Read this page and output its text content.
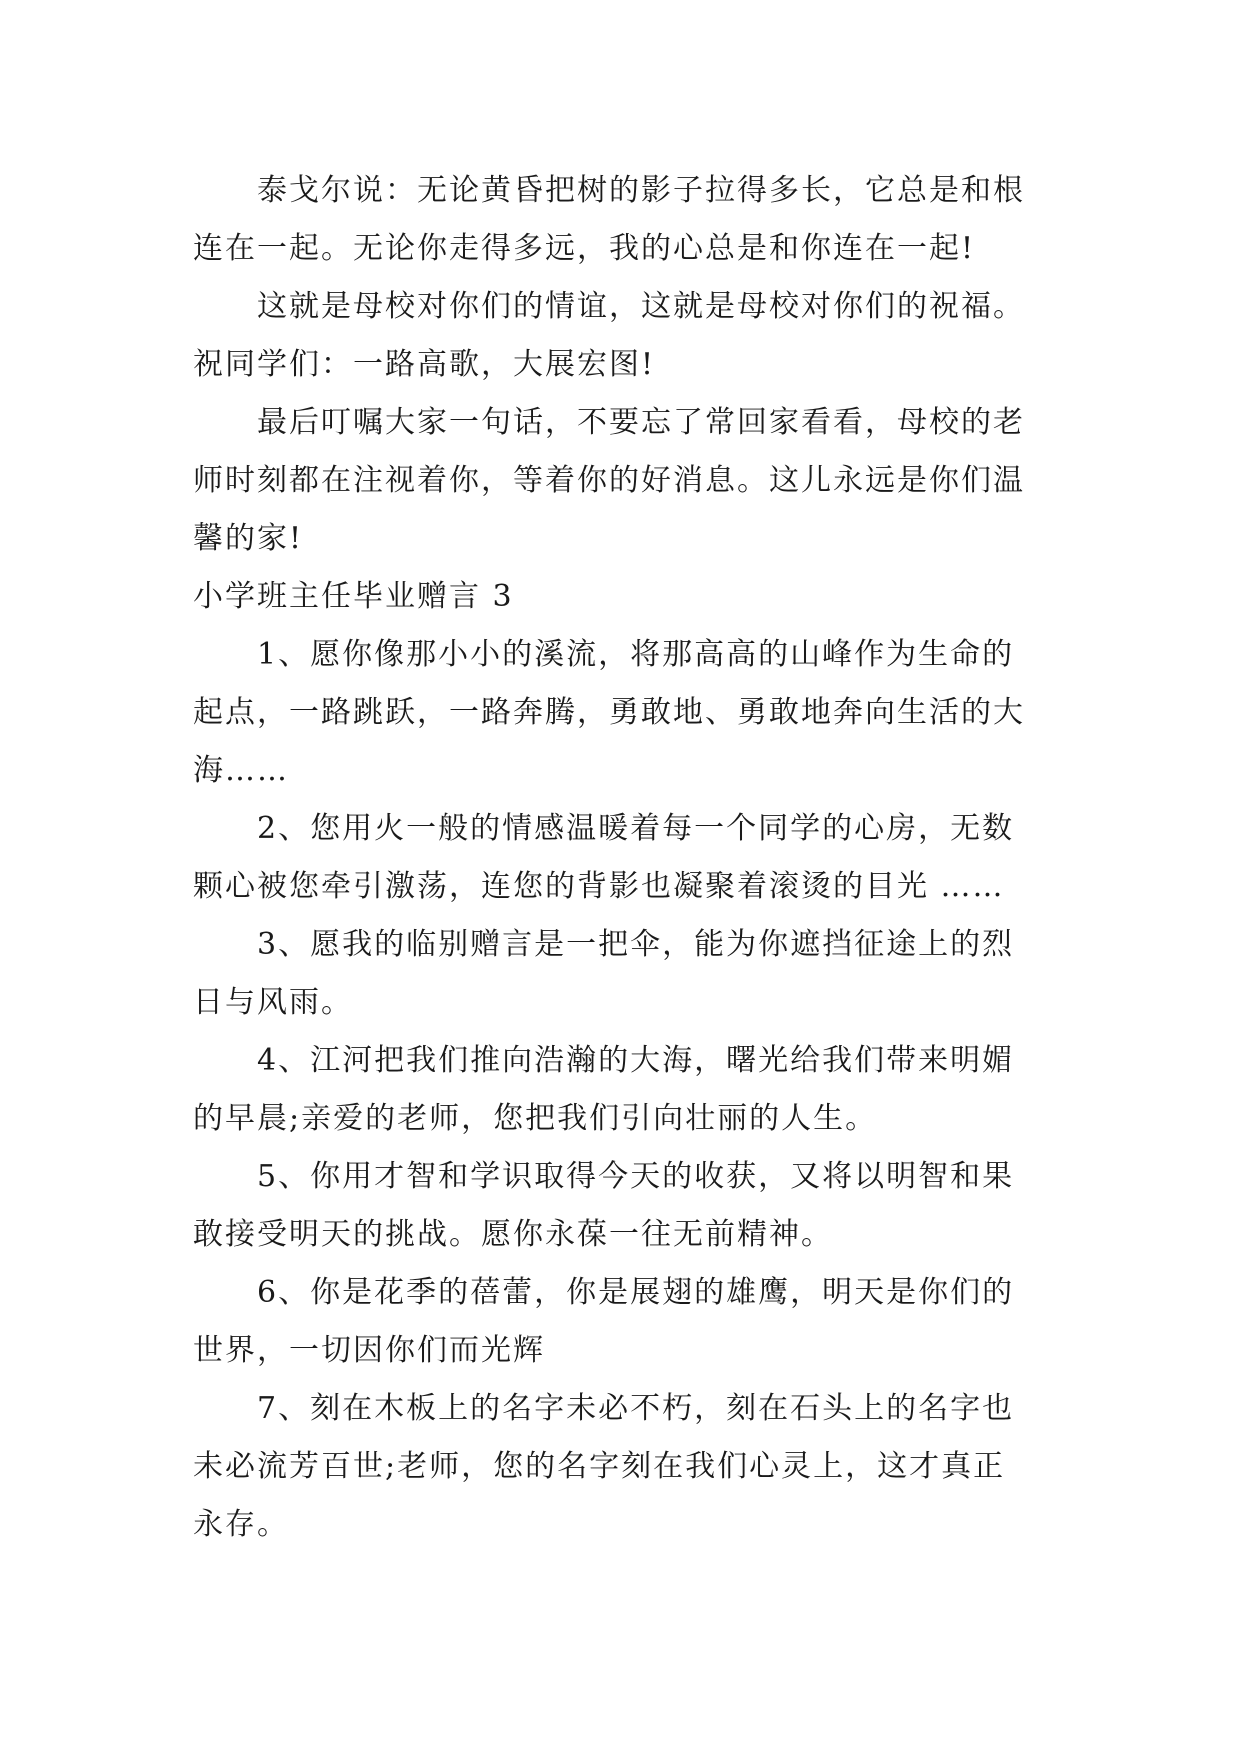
泰戈尔说：无论黄昏把树的影子拉得多长，它总是和根
连在一起。无论你走得多远，我的心总是和你连在一起!
这就是母校对你们的情谊，这就是母校对你们的祝福。
祝同学们：一路高歌，大展宏图!
最后叮嘱大家一句话，不要忘了常回家看看，母校的老
师时刻都在注视着你，等着你的好消息。这儿永远是你们温
馨的家!
小学班主任毕业赠言 3
1、愿你像那小小的溪流，将那高高的山峰作为生命的
起点，一路跳跃，一路奔腾，勇敢地、勇敢地奔向生活的大
海……
2、您用火一般的情感温暖着每一个同学的心房，无数
颗心被您牵引激荡，连您的背影也凝聚着滚烫的目光 ……
3、愿我的临别赠言是一把伞，能为你遮挡征途上的烈
日与风雨。
4、江河把我们推向浩瀚的大海，曙光给我们带来明媚
的早晨;亲爱的老师，您把我们引向壮丽的人生。
5、你用才智和学识取得今天的收获，又将以明智和果
敢接受明天的挑战。愿你永葆一往无前精神。
6、你是花季的蓓蕾，你是展翅的雄鹰，明天是你们的
世界，一切因你们而光辉
7、刻在木板上的名字未必不朽，刻在石头上的名字也
未必流芳百世;老师，您的名字刻在我们心灵上，这才真正
永存。
